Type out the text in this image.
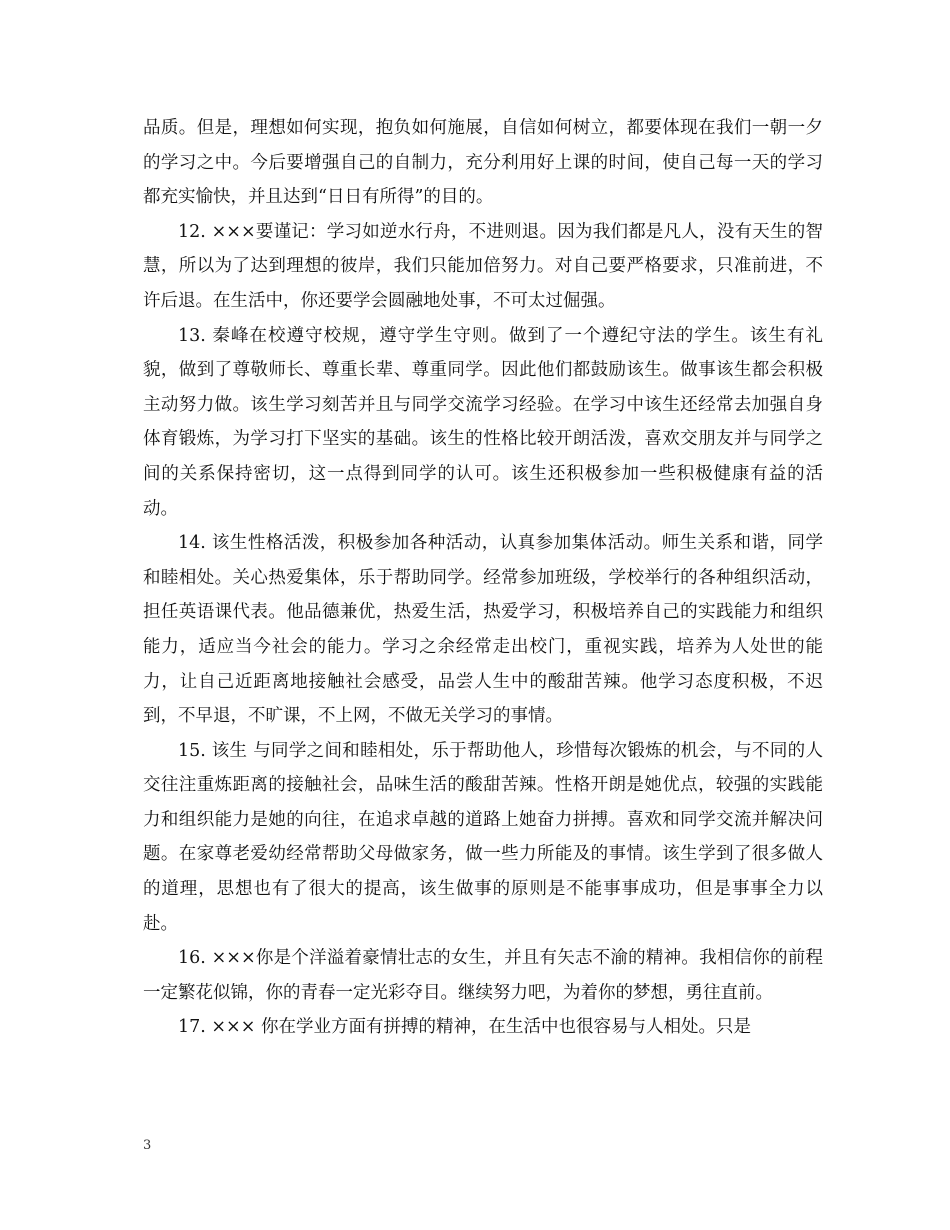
品质。但是，理想如何实现，抱负如何施展，自信如何树立，都要体现在我们一朝一夕的学习之中。今后要增强自己的自制力，充分利用好上课的时间，使自己每一天的学习都充实愉快，并且达到“日日有所得”的目的。

12. ×××要谨记：学习如逆水行舟，不进则退。因为我们都是凡人，没有天生的智慧，所以为了达到理想的彼岸，我们只能加倍努力。对自己要严格要求，只准前进，不许后退。在生活中，你还要学会圆融地处事，不可太过倔强。

13. 秦峰在校遵守校规，遵守学生守则。做到了一个遵纪守法的学生。该生有礼貌，做到了尊敬师长、尊重长辈、尊重同学。因此他们都鼓励该生。做事该生都会积极主动努力做。该生学习刻苦并且与同学交流学习经验。在学习中该生还经常去加强自身体育锻炼，为学习打下坚实的基础。该生的性格比较开朗活泼，喜欢交朋友并与同学之间的关系保持密切，这一点得到同学的认可。该生还积极参加一些积极健康有益的活动。

14. 该生性格活泼，积极参加各种活动，认真参加集体活动。师生关系和谐，同学和睦相处。关心热爱集体，乐于帮助同学。经常参加班级，学校举行的各种组织活动，担任英语课代表。他品德兼优，热爱生活，热爱学习，积极培养自己的实践能力和组织能力，适应当今社会的能力。学习之余经常走出校门，重视实践，培养为人处世的能力，让自己近距离地接触社会感受，品尝人生中的酸甜苦辣。他学习态度积极，不迟到，不早退，不旷课，不上网，不做无关学习的事情。

15. 该生 与同学之间和睦相处，乐于帮助他人，珍惜每次锻炼的机会，与不同的人交往注重炼距离的接触社会，品味生活的酸甜苦辣。性格开朗是她优点，较强的实践能力和组织能力是她的向往，在追求卓越的道路上她奋力拼搏。喜欢和同学交流并解决问题。在家尊老爱幼经常帮助父母做家务，做一些力所能及的事情。该生学到了很多做人的道理，思想也有了很大的提高，该生做事的原则是不能事事成功，但是事事全力以赴。

16. ×××你是个洋溢着豪情壮志的女生，并且有矢志不渝的精神。我相信你的前程一定繁花似锦，你的青春一定光彩夺目。继续努力吧，为着你的梦想，勇往直前。

17. ××× 你在学业方面有拼搏的精神，在生活中也很容易与人相处。只是

3
